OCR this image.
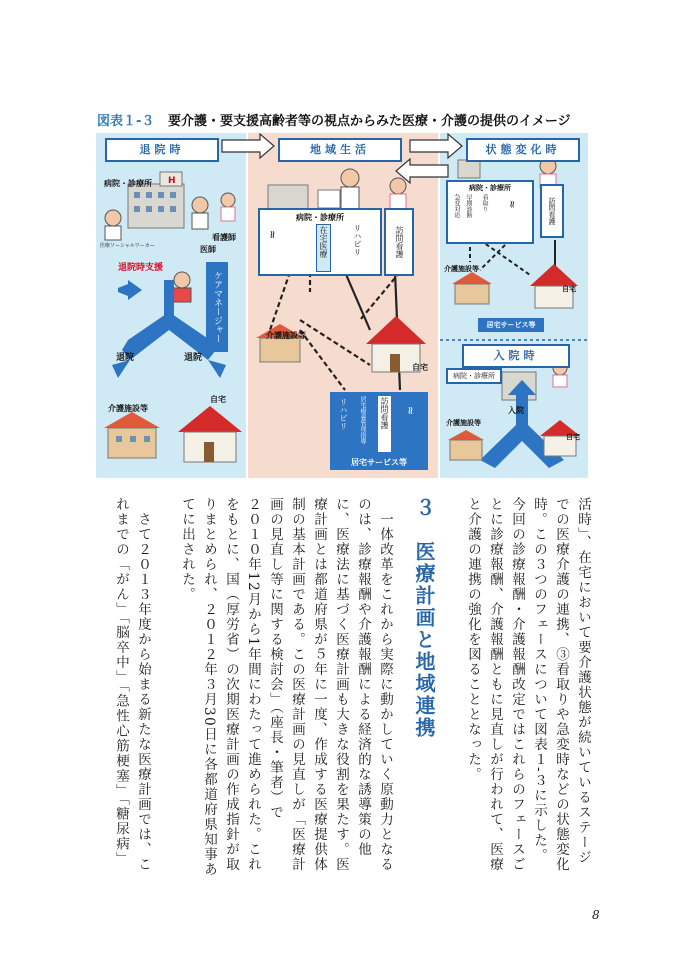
図表１-３ 要介護・要支援高齢者等の視点からみた医療・介護の提供のイメージ
H
退院時	地域生活	状態変化時
病院・診療所
医療ソーシャルワーカー
看護師
医師
退院時支援
ケアマネージャー
退院	退院
介護施設等
自宅
病院・診療所
≈	在宅医療	リハビリ	訪問看護
介護施設等
自宅
リハビリ 居宅療養管理指導 訪問看護 ≈
居宅サービス等
病院・診療所
急変対応 早期診断 看取り ≈	訪問看護
介護施設等
自宅
居宅サービス等
入院時
病院・診療所
入院
介護施設等
自宅
活時」、在宅において要介護状態が続いているステージ
での医療介護の連携、③看取りや急変時などの状態変化
時。この３つのフェースについて図表１-３に示した。
今回の診療報酬・介護報酬改定ではこれらのフェースご
とに診療報酬、介護報酬ともに見直しが行われて、医療
と介護の連携の強化を図ることとなった。
３　医療計画と地域連携
　一体改革をこれから実際に動かしていく原動力となる
のは、診療報酬や介護報酬による経済的な誘導策の他
に、医療法に基づく医療計画も大きな役割を果たす。医
療計画とは都道府県が５年に一度、作成する医療提供体
制の基本計画である。この医療計画の見直しが「医療計
画の見直し等に関する検討会」（座長・筆者）で
２０１０年12月から1年間にわたって進められた。これ
をもとに、国（厚労省）の次期医療計画の作成指針が取
りまとめられ、２０１２年３月30日に各都道府県知事あ
てに出された。
　さて２０１３年度から始まる新たな医療計画では、こ
れまでの「がん」「脳卒中」「急性心筋梗塞」「糖尿病」
8
